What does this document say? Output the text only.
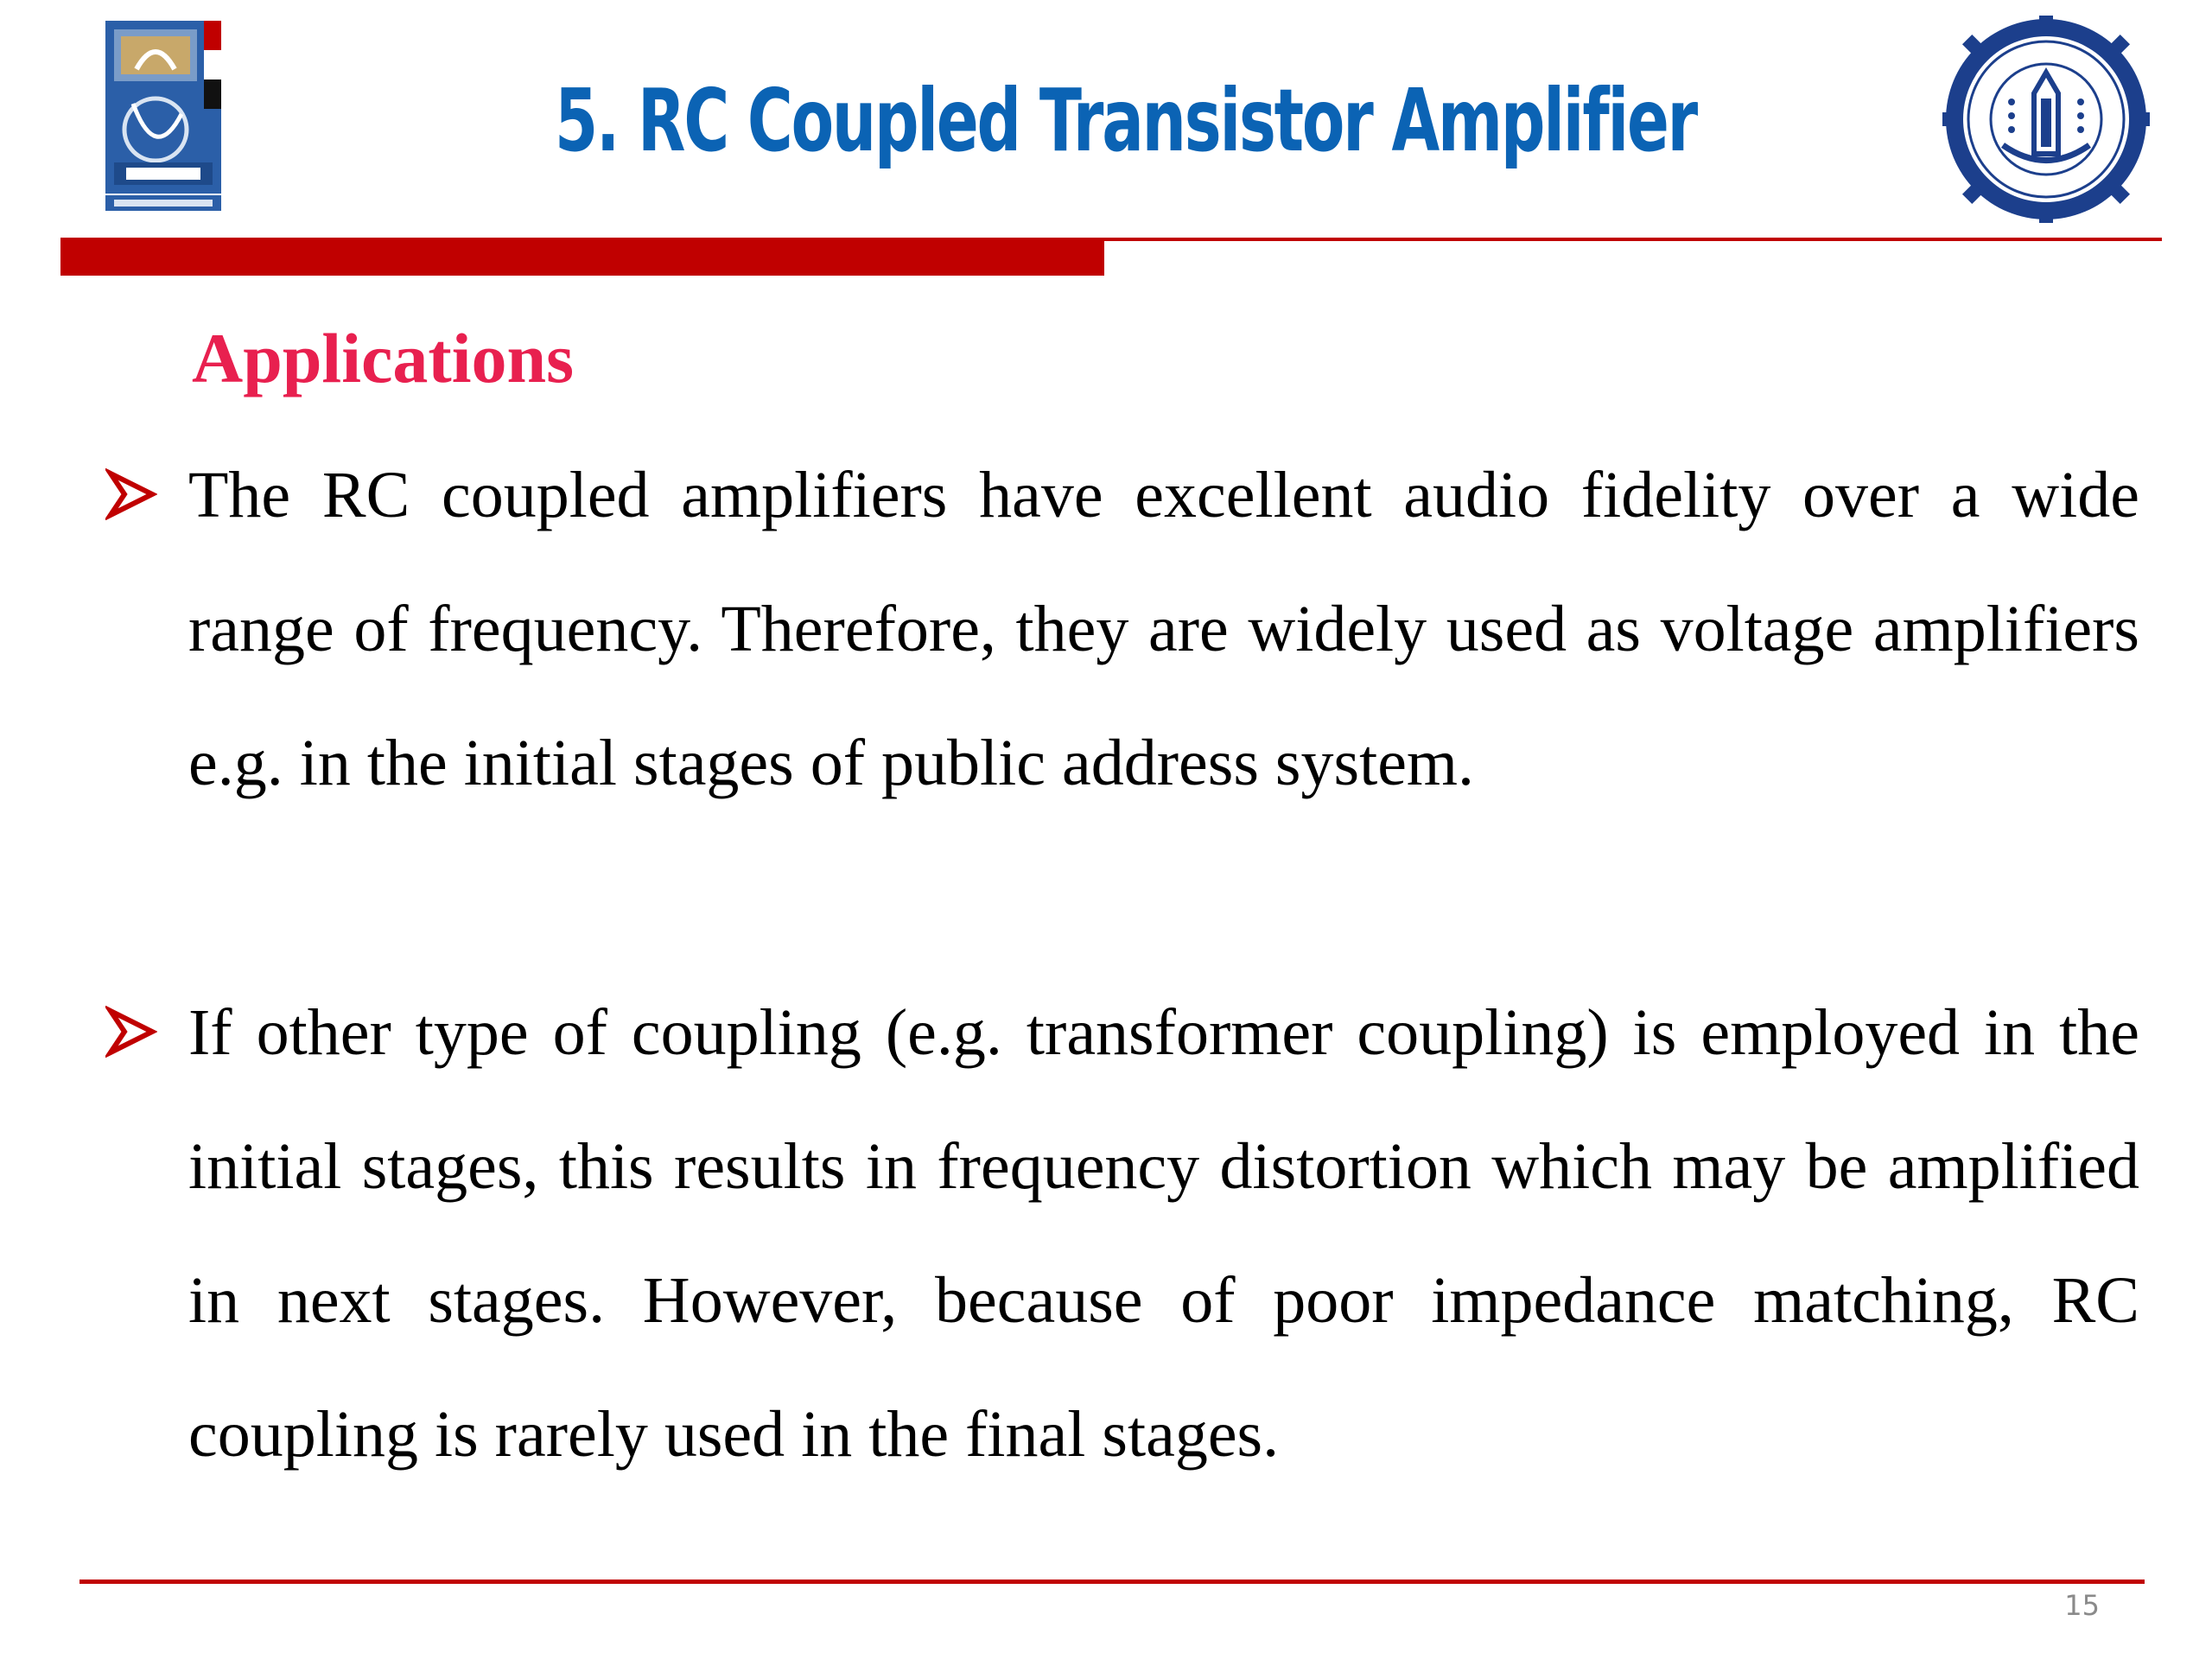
5. RC Coupled Transistor Amplifier
Applications
The RC coupled amplifiers have excellent audio fidelity over a wide range of frequency. Therefore, they are widely used as voltage amplifiers e.g. in the initial stages of public address system.
If other type of coupling (e.g. transformer coupling) is employed in the initial stages, this results in frequency distortion which may be amplified in next stages. However, because of poor impedance matching, RC coupling is rarely used in the final stages.
15
